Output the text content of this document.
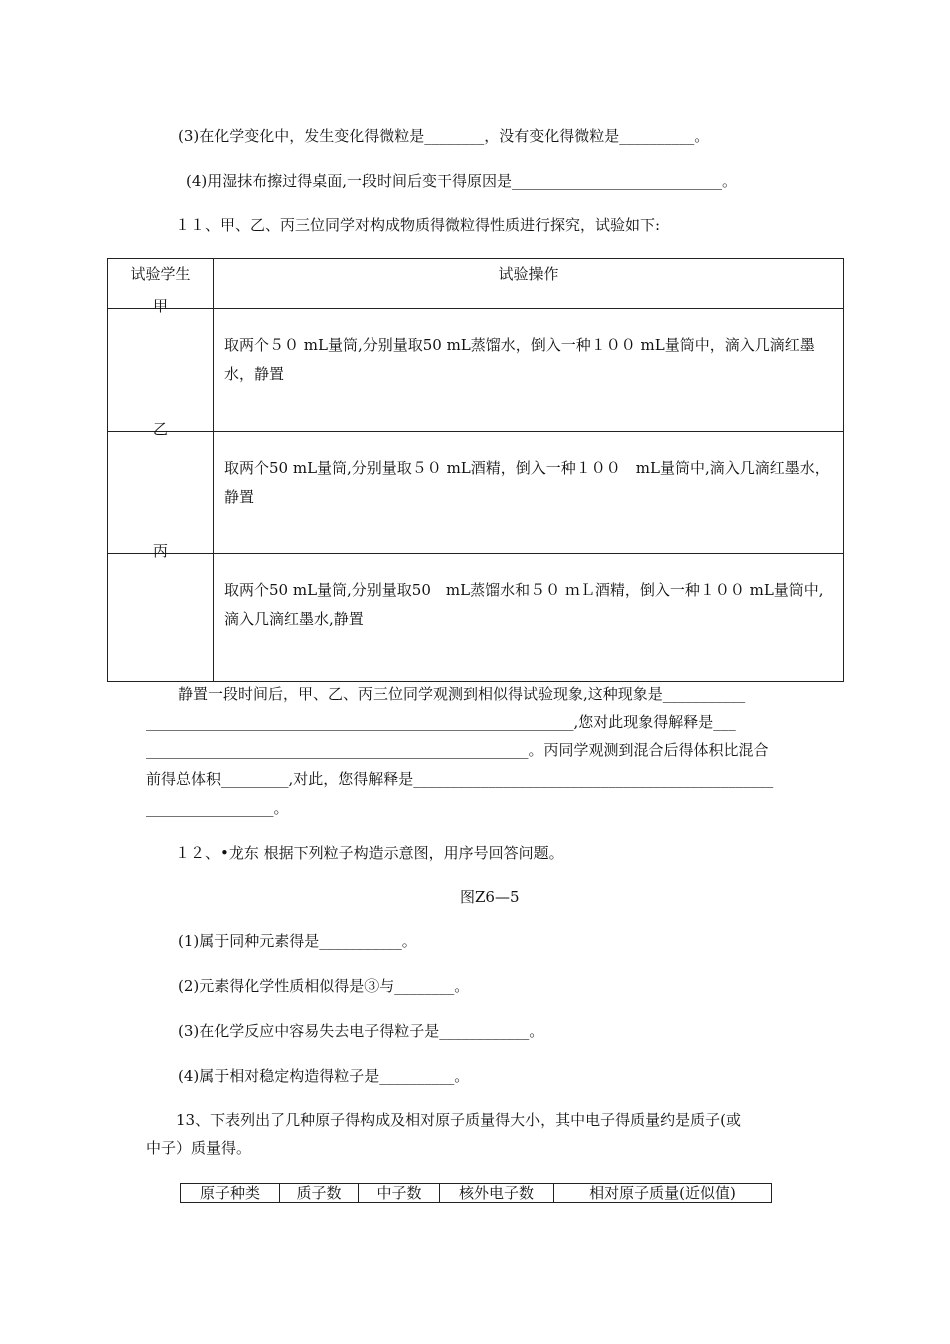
(3)在化学变化中，发生变化得微粒是________，没有变化得微粒是__________。
(4)用湿抹布擦过得桌面,一段时间后变干得原因是____________________________。
１１、甲、乙、丙三位同学对构成物质得微粒得性质进行探究，试验如下:
试验学生	试验操作
甲	取两个５０ mL量筒,分别量取50 mL蒸馏水，倒入一种１００ mL量筒中，滴入几滴红墨水，静置
乙	取两个50 mL量筒,分别量取５０ mL酒精，倒入一种１００　mL量筒中,滴入几滴红墨水，静置
丙	取两个50 mL量筒,分别量取50　mL蒸馏水和５０ ｍＬ酒精，倒入一种１００ mL量筒中,滴入几滴红墨水,静置
静置一段时间后，甲、乙、丙三位同学观测到相似得试验现象,这种现象是___________
_________________________________________________________,您对此现象得解释是___
___________________________________________________。丙同学观测到混合后得体积比混合
前得总体积_________,对此，您得解释是________________________________________________
_________________。
１２、•龙东 根据下列粒子构造示意图，用序号回答问题。
图Z6—5
(1)属于同种元素得是___________。
(2)元素得化学性质相似得是③与________。
(3)在化学反应中容易失去电子得粒子是____________。
(4)属于相对稳定构造得粒子是__________。
13、下表列出了几种原子得构成及相对原子质量得大小，其中电子得质量约是质子(或
中子）质量得。
原子种类	质子数	中子数	核外电子数	相对原子质量(近似值)
